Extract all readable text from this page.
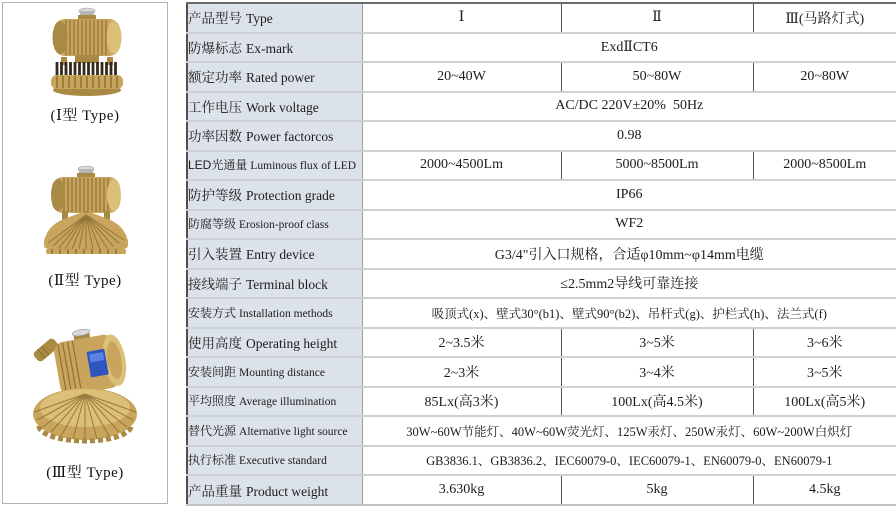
(Ⅰ型 Type)
(Ⅱ型 Type)
(Ⅲ型 Type)
产品型号 Type	Ⅰ	Ⅱ	Ⅲ(马路灯式)
防爆标志 Ex-mark	ExdⅡCT6		
额定功率 Rated power	20~40W	50~80W	20~80W
工作电压 Work voltage	AC/DC 220V±20%  50Hz		
功率因数 Power factorcos	0.98		
LED光通量 Luminous flux of LED	2000~4500Lm	5000~8500Lm	2000~8500Lm
防护等级 Protection grade	IP66		
防腐等级 Erosion-proof class	WF2		
引入装置 Entry device	G3/4"引入口规格，合适φ10mm~φ14mm电缆		
接线端子 Terminal block	≤2.5mm2导线可靠连接		
安装方式 Installation methods	吸顶式(x)、壁式30°(b1)、壁式90°(b2)、吊杆式(g)、护栏式(h)、法兰式(f)		
使用高度 Operating height	2~3.5米	3~5米	3~6米
安装间距 Mounting distance	2~3米	3~4米	3~5米
平均照度 Average illumination	85Lx(高3米)	100Lx(高4.5米)	100Lx(高5米)
替代光源 Alternative light source	30W~60W节能灯、40W~60W荧光灯、125W汞灯、250W汞灯、60W~200W白炽灯		
执行标准 Executive standard	GB3836.1、GB3836.2、IEC60079-0、IEC60079-1、EN60079-0、EN60079-1		
产品重量 Product weight	3.630kg	5kg	4.5kg
